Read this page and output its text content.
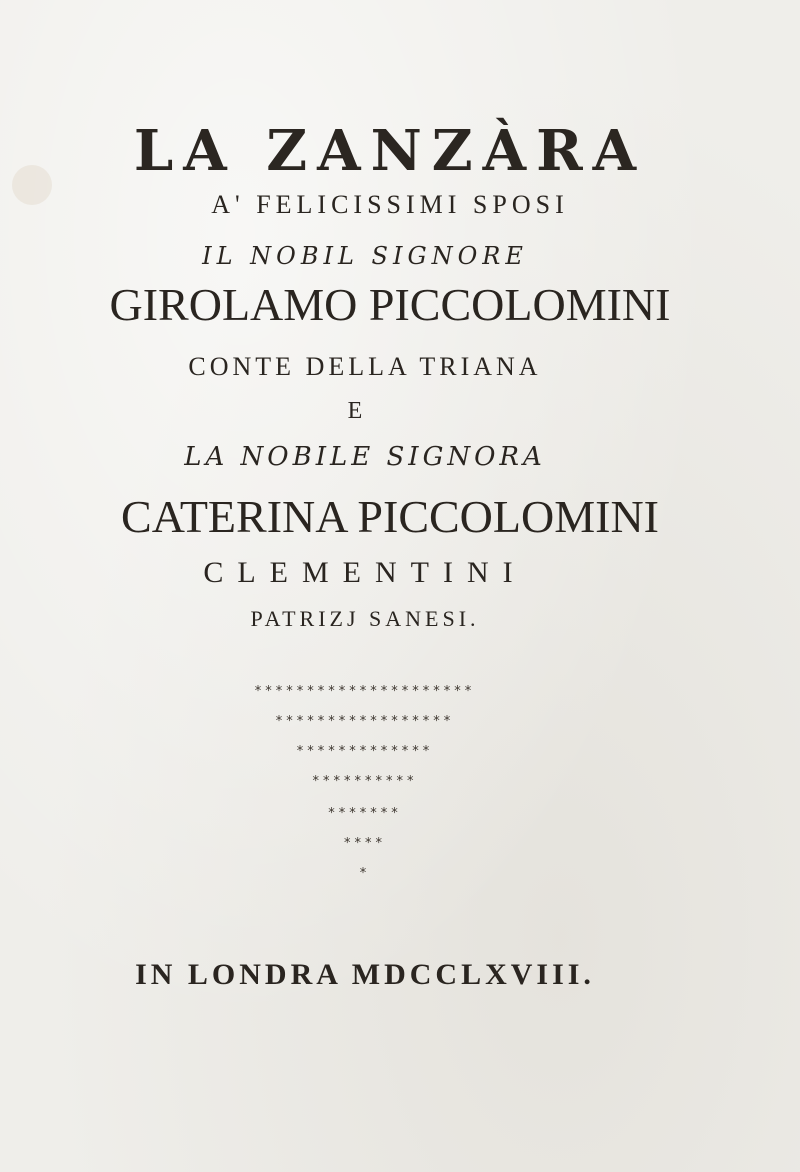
LA ZANZÀRA
A' FELICISSIMI SPOSI
IL NOBIL SIGNORE
GIROLAMO PICCOLOMINI
CONTE DELLA TRIANA
E
LA NOBILE SIGNORA
CATERINA PICCOLOMINI
CLEMENTINI
PATRIZJ SANESI.
*********************
*****************
*************
**********
*******
****
*
IN LONDRA MDCCLXVIII.
